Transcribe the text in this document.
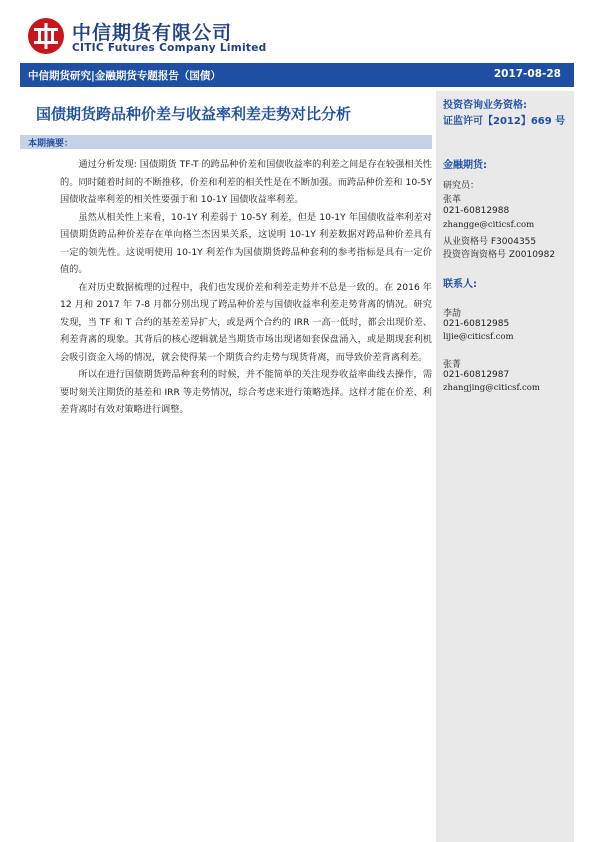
中信期货有限公司
CITIC Futures Company Limited
中信期货研究|金融期货专题报告（国债）	2017-08-28
投资咨询业务资格:
证监许可【2012】669 号
金融期货:
研究员：
张革
021-60812988
zhangge@citicsf.com
从业资格号 F3004355
投资咨询资格号 Z0010982
联系人:
李劼
021-60812985
lijie@citicsf.com
张菁
021-60812987
zhangjing@citicsf.com
国债期货跨品种价差与收益率利差走势对比分析
本期摘要：

通过分析发现: 国债期货 TF-T 的跨品种价差和国债收益率的利差之间是存在较强相关性的。同时随着时间的不断推移，价差和利差的相关性是在不断加强。而跨品种价差和 10-5Y 国债收益率利差的相关性要强于和 10-1Y 国债收益率利差。

虽然从相关性上来看，10-1Y 利差弱于 10-5Y 利差，但是 10-1Y 年国债收益率利差对国债期货跨品种价差存在单向格兰杰因果关系，这说明 10-1Y 利差数据对跨品种价差具有一定的领先性。这说明使用 10-1Y 利差作为国债期货跨品种套利的参考指标是具有一定价值的。

在对历史数据梳理的过程中，我们也发现价差和利差走势并不总是一致的。在 2016 年 12 月和 2017 年 7-8 月都分别出现了跨品种价差与国债收益率利差走势背离的情况。研究发现，当 TF 和 T 合约的基差差异扩大，或是两个合约的 IRR 一高一低时，都会出现价差、利差背离的现象。其背后的核心逻辑就是当期货市场出现诸如套保盘涌入，或是期现套利机会吸引资金入场的情况，就会使得某一个期货合约走势与现货背离，而导致价差背离利差。

所以在进行国债期货跨品种套利的时候，并不能简单的关注现券收益率曲线去操作，需要时刻关注期货的基差和 IRR 等走势情况，综合考虑来进行策略选择。这样才能在价差、利差背离时有效对策略进行调整。
